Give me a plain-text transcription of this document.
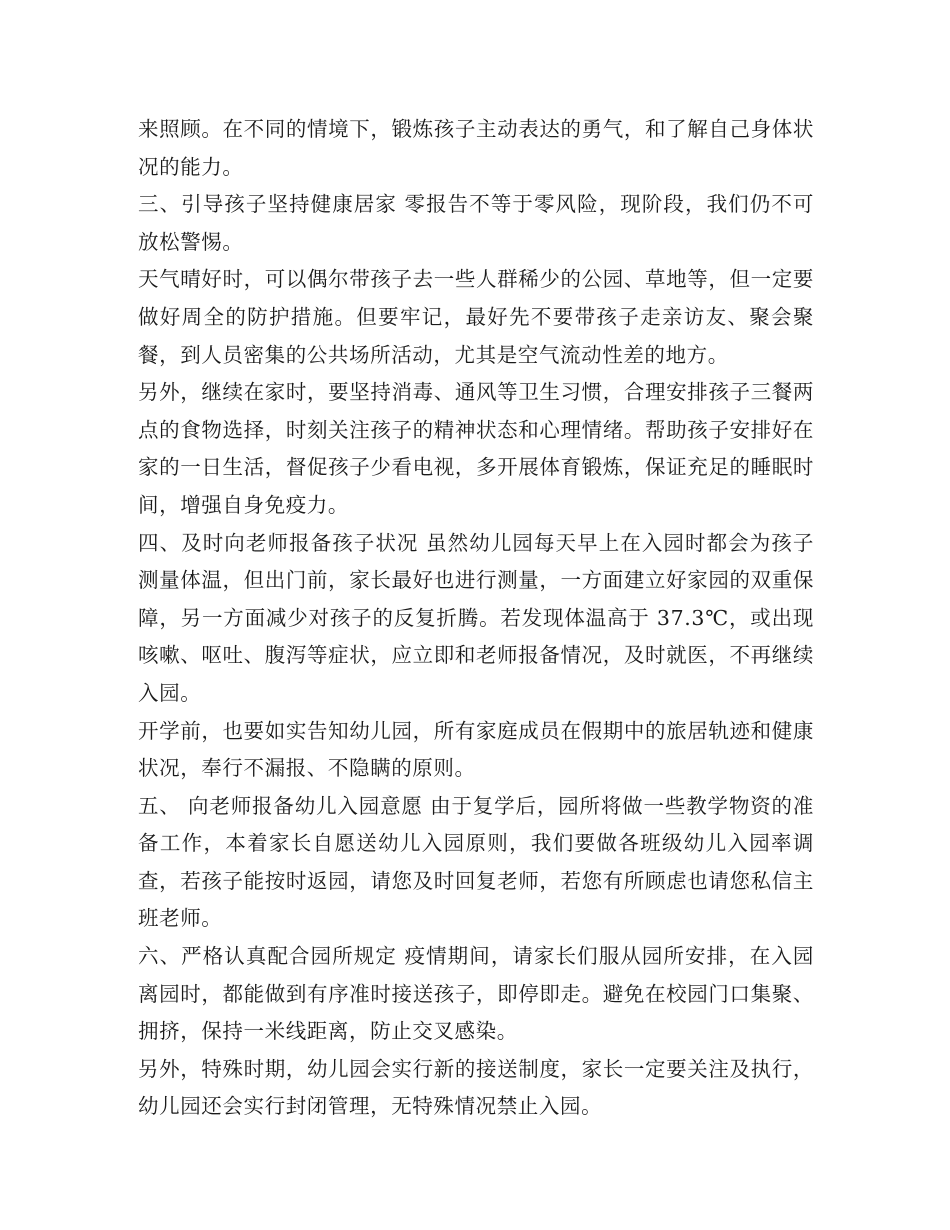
来照顾。在不同的情境下，锻炼孩子主动表达的勇气，和了解自己身体状况的能力。

三、引导孩子坚持健康居家 零报告不等于零风险，现阶段，我们仍不可放松警惕。

天气晴好时，可以偶尔带孩子去一些人群稀少的公园、草地等，但一定要做好周全的防护措施。但要牢记，最好先不要带孩子走亲访友、聚会聚餐，到人员密集的公共场所活动，尤其是空气流动性差的地方。

另外，继续在家时，要坚持消毒、通风等卫生习惯，合理安排孩子三餐两点的食物选择，时刻关注孩子的精神状态和心理情绪。帮助孩子安排好在家的一日生活，督促孩子少看电视，多开展体育锻炼，保证充足的睡眠时间，增强自身免疫力。

四、及时向老师报备孩子状况 虽然幼儿园每天早上在入园时都会为孩子测量体温，但出门前，家长最好也进行测量，一方面建立好家园的双重保障，另一方面减少对孩子的反复折腾。若发现体温高于 37.3℃，或出现咳嗽、呕吐、腹泻等症状，应立即和老师报备情况，及时就医，不再继续入园。

开学前，也要如实告知幼儿园，所有家庭成员在假期中的旅居轨迹和健康状况，奉行不漏报、不隐瞒的原则。

五、 向老师报备幼儿入园意愿 由于复学后，园所将做一些教学物资的准备工作，本着家长自愿送幼儿入园原则，我们要做各班级幼儿入园率调查，若孩子能按时返园，请您及时回复老师，若您有所顾虑也请您私信主班老师。

六、严格认真配合园所规定 疫情期间，请家长们服从园所安排，在入园离园时，都能做到有序准时接送孩子，即停即走。避免在校园门口集聚、拥挤，保持一米线距离，防止交叉感染。

另外，特殊时期，幼儿园会实行新的接送制度，家长一定要关注及执行，幼儿园还会实行封闭管理，无特殊情况禁止入园。
